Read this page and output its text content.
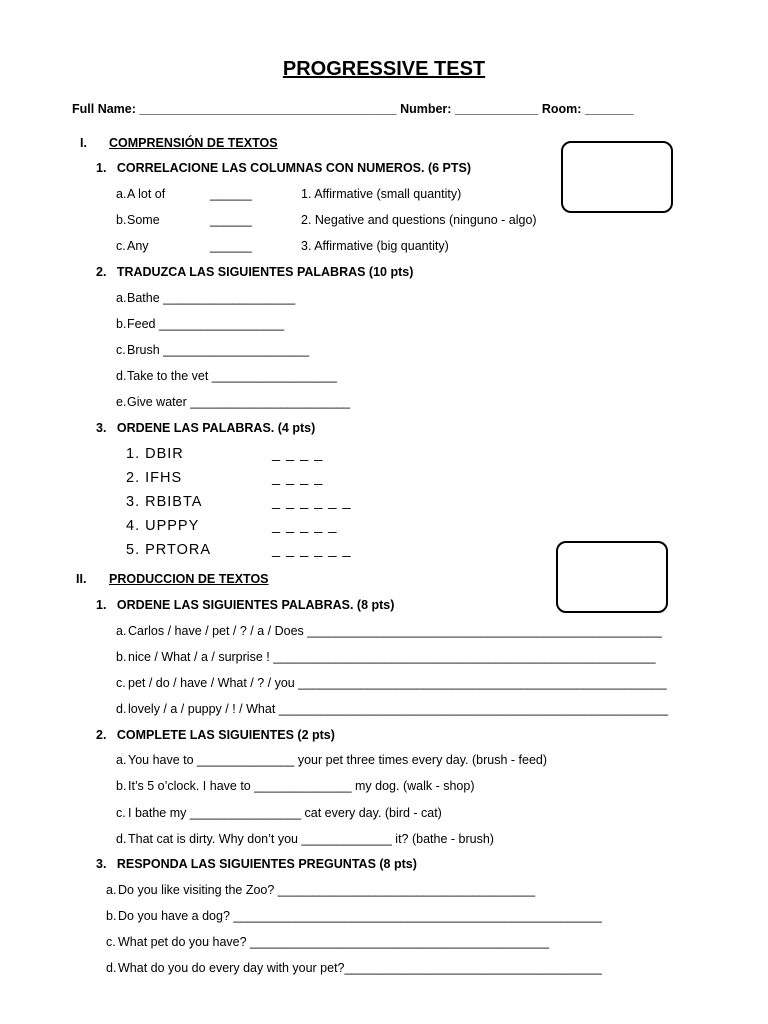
PROGRESSIVE TEST
Full Name: _____________________________________ Number: ____________ Room: _______
I. COMPRENSIÓN DE TEXTOS
1.   CORRELACIONE LAS COLUMNAS CON NUMEROS. (6 PTS)
a. A lot of	______	1. Affirmative (small quantity)
b. Some	______	2. Negative and questions (ninguno - algo)
c. Any	______	3. Affirmative (big quantity)
2.   TRADUZCA LAS SIGUIENTES PALABRAS (10 pts)
a. Bathe ___________________
b. Feed __________________
c. Brush _____________________
d. Take to the vet __________________
e. Give water _______________________
3.   ORDENE LAS PALABRAS. (4 pts)
1. DBIR	_ _ _ _
2. IFHS	_ _ _ _
3. RBIBTA	_ _ _ _ _ _
4. UPPPY	_ _ _ _ _
5. PRTORA	_ _ _ _ _ _
II. PRODUCCION DE TEXTOS
1.   ORDENE LAS SIGUIENTES PALABRAS. (8 pts)
a. Carlos / have / pet / ? / a / Does ___________________________________________________
b. nice / What / a / surprise ! _______________________________________________________
c. pet / do / have / What / ? / you _____________________________________________________
d. lovely / a / puppy / ! / What ________________________________________________________
2.   COMPLETE LAS SIGUIENTES (2 pts)
a. You have to ______________ your pet three times every day. (brush - feed)
b. It’s 5 o’clock. I have to ______________ my dog. (walk - shop)
c. I bathe my ________________ cat every day. (bird - cat)
d. That cat is dirty. Why don’t you _____________ it? (bathe - brush)
3.   RESPONDA LAS SIGUIENTES PREGUNTAS (8 pts)
a. Do you like visiting the Zoo? _____________________________________
b. Do you have a dog? _____________________________________________________
c. What pet do you have? ___________________________________________
d. What do you do every day with your pet?_____________________________________
